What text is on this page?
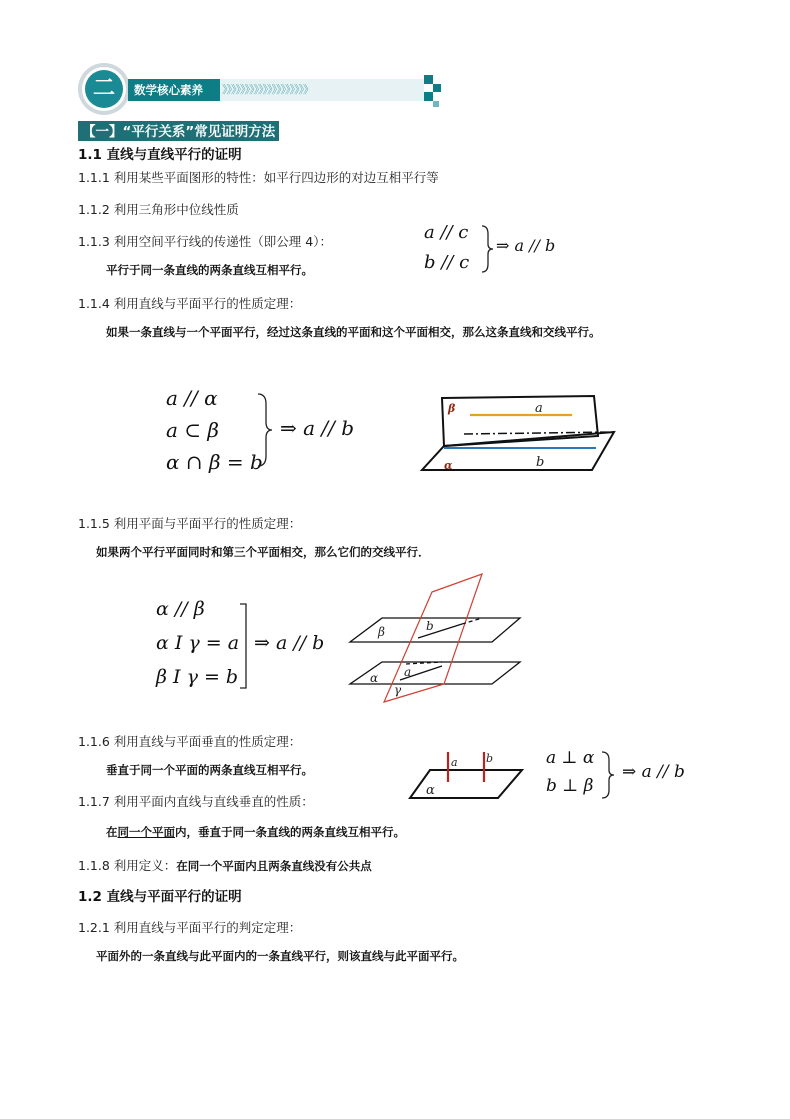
二 数学核心素养 》》》》》》》》》》》》》》》》》》》
【一】“平行关系”常见证明方法
1.1 直线与直线平行的证明
1.1.1 利用某些平面图形的特性：如平行四边形的对边互相平行等
1.1.2 利用三角形中位线性质
1.1.3 利用空间平行线的传递性（即公理 4）：
平行于同一条直线的两条直线互相平行。
a // c
b // c
⇒ a // b
1.1.4 利用直线与平面平行的性质定理：
如果一条直线与一个平面平行，经过这条直线的平面和这个平面相交，那么这条直线和交线平行。
a // α
a ⊂ β
α ∩ β = b
⇒ a // b
β	a
b
α
1.1.5 利用平面与平面平行的性质定理：
如果两个平行平面同时和第三个平面相交，那么它们的交线平行．
α // β
α I γ = a
β I γ = b
⇒ a // b	β	b
a
α
γ
1.1.6 利用直线与平面垂直的性质定理：
垂直于同一个平面的两条直线互相平行。
a	b
α
a ⊥ α
b ⊥ β
⇒ a // b
1.1.7 利用平面内直线与直线垂直的性质：
在同一个平面内，垂直于同一条直线的两条直线互相平行。
1.1.8 利用定义：在同一个平面内且两条直线没有公共点
1.2 直线与平面平行的证明
1.2.1 利用直线与平面平行的判定定理：
平面外的一条直线与此平面内的一条直线平行，则该直线与此平面平行。
